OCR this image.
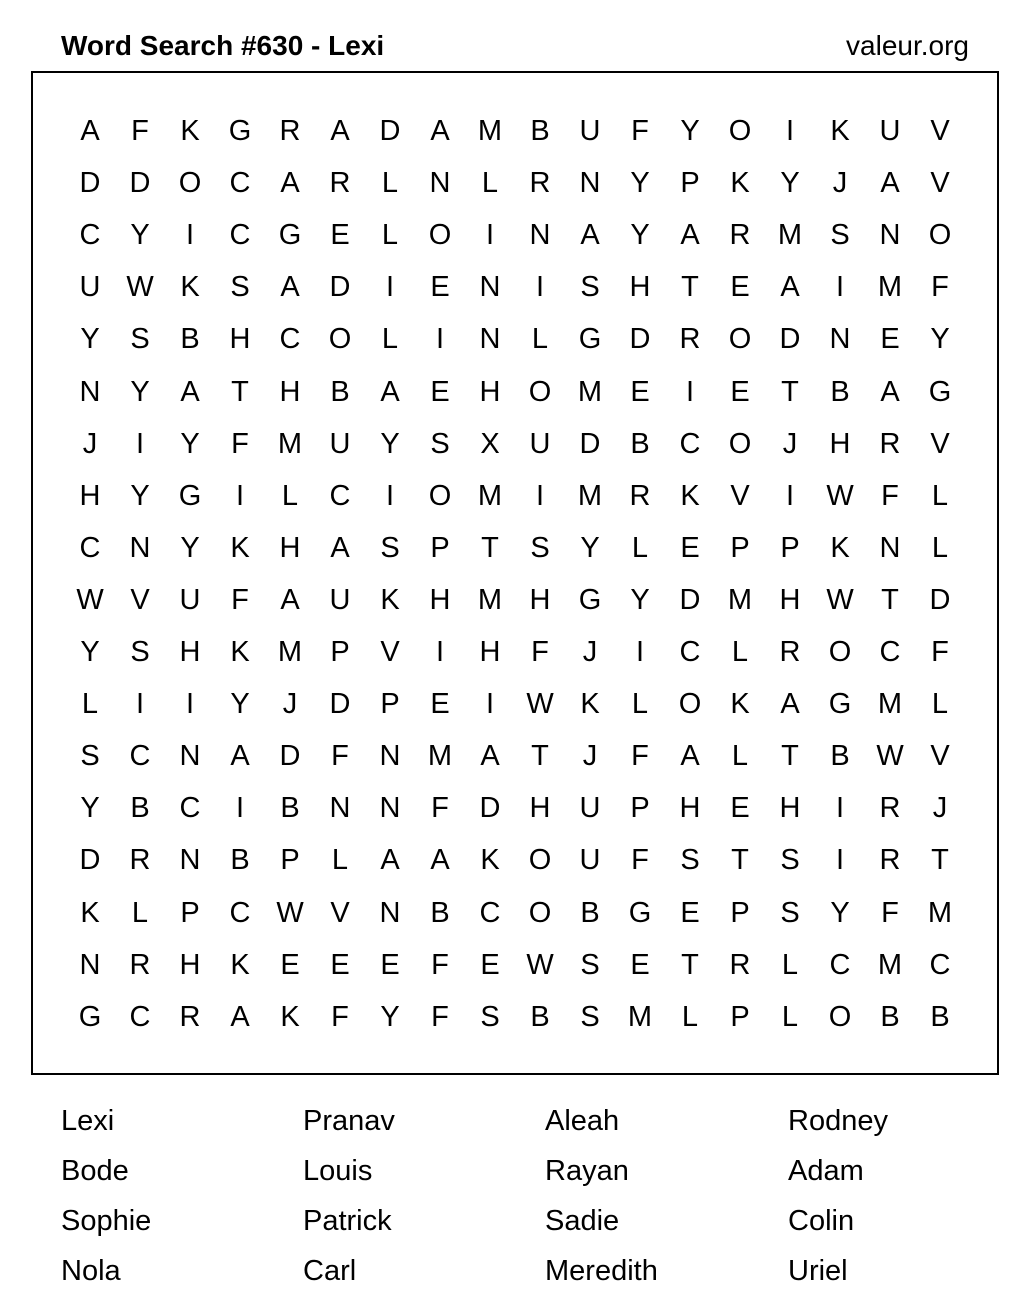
Word Search #630 - Lexi	valeur.org
A	F	K	G R	A	D	A M B	U	F	Y	O	I	K	U	V
D	D O C	A	R	L	N	L	R	N	Y	P	K	Y	J	A	V
C	Y	I	C G	E	L	O	I	N	A	Y	A	R M S	N O
U W K	S	A	D	I	E	N	I	S	H	T	E	A	I	M	F
Y	S	B	H	C O	L	I	N	L	G D	R O D	N	E	Y
N	Y	A	T	H	B	A	E	H O M E	I	E	T	B	A	G
J	I	Y	F	M U	Y	S	X	U	D	B	C O	J	H	R	V
H	Y	G	I	L	C	I	O M	I	M R	K	V	I	W F	L
C	N	Y	K	H	A	S	P	T	S	Y	L	E	P	P	K	N	L
W V	U	F	A	U	K	H M H G	Y	D M H W T	D
Y	S	H	K M P	V	I	H	F	J	I	C	L	R O C	F
L	I	I	Y	J	D	P	E	I	W K	L	O	K	A	G M	L
S	C	N	A	D	F	N M A	T	J	F	A	L	T	B W V
Y	B	C	I	B	N	N	F	D	H	U	P	H	E	H	I	R	J
D	R	N	B	P	L	A	A	K	O U	F	S	T	S	I	R	T
K	L	P	C W V	N	B	C O	B	G	E	P	S	Y	F	M
N	R	H	K	E	E	E	F	E W S	E	T	R	L	C M C
G C	R	A	K	F	Y	F	S	B	S M	L	P	L	O	B	B
Lexi
Bode
Sophie
Nola
Pranav
Louis
Patrick
Carl
Aleah
Rayan
Sadie
Meredith
Rodney
Adam
Colin
Uriel
